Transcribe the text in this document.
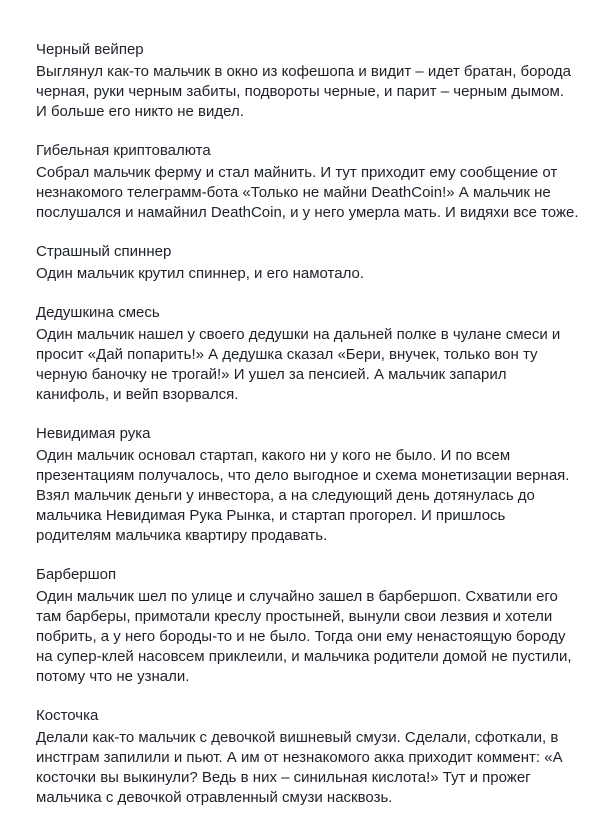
Черный вейпер
Выглянул как-то мальчик в окно из кофешопа и видит – идет братан, борода
черная, руки черным забиты, подвороты черные, и парит – черным дымом.
И больше его никто не видел.
Гибельная криптовалюта
Собрал мальчик ферму и стал майнить. И тут приходит ему сообщение от
незнакомого телеграмм-бота «Только не майни DeathCoin!» А мальчик не
послушался и намайнил DeathCoin, и у него умерла мать. И видяхи все тоже.
Страшный спиннер
Один мальчик крутил спиннер, и его намотало.
Дедушкина смесь
Один мальчик нашел у своего дедушки на дальней полке в чулане смеси и
просит «Дай попарить!» А дедушка сказал «Бери, внучек, только вон ту
черную баночку не трогай!» И ушел за пенсией. А мальчик запарил
канифоль, и вейп взорвался.
Невидимая рука
Один мальчик основал стартап, какого ни у кого не было. И по всем
презентациям получалось, что дело выгодное и схема монетизации верная.
Взял мальчик деньги у инвестора, а на следующий день дотянулась до
мальчика Невидимая Рука Рынка, и стартап прогорел. И пришлось
родителям мальчика квартиру продавать.
Барбершоп
Один мальчик шел по улице и случайно зашел в барбершоп. Схватили его
там барберы, примотали креслу простыней, вынули свои лезвия и хотели
побрить, а у него бороды-то и не было. Тогда они ему ненастоящую бороду
на супер-клей насовсем приклеили, и мальчика родители домой не пустили,
потому что не узнали.
Косточка
Делали как-то мальчик с девочкой вишневый смузи. Сделали, сфоткали, в
инстграм запилили и пьют. А им от незнакомого акка приходит коммент: «А
косточки вы выкинули? Ведь в них – синильная кислота!» Тут и прожег
мальчика с девочкой отравленный смузи насквозь.
